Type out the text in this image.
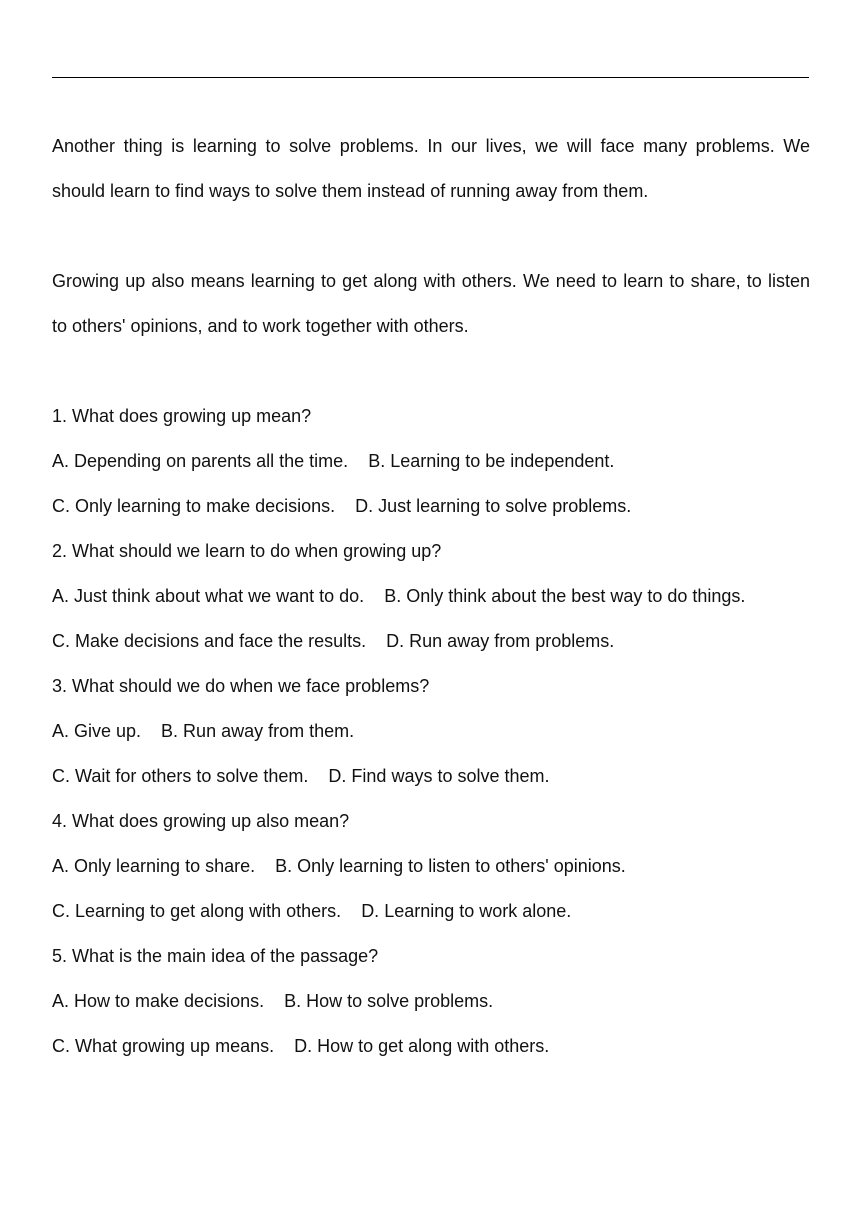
Another thing is learning to solve problems. In our lives, we will face many problems. We should learn to find ways to solve them instead of running away from them.

Growing up also means learning to get along with others. We need to learn to share, to listen to others' opinions, and to work together with others.

1. What does growing up mean?

A. Depending on parents all the time. B. Learning to be independent.

C. Only learning to make decisions. D. Just learning to solve problems.

2. What should we learn to do when growing up?

A. Just think about what we want to do. B. Only think about the best way to do things.

C. Make decisions and face the results. D. Run away from problems.

3. What should we do when we face problems?

A. Give up. B. Run away from them.

C. Wait for others to solve them. D. Find ways to solve them.

4. What does growing up also mean?

A. Only learning to share. B. Only learning to listen to others' opinions.

C. Learning to get along with others. D. Learning to work alone.

5. What is the main idea of the passage?

A. How to make decisions. B. How to solve problems.

C. What growing up means. D. How to get along with others.
